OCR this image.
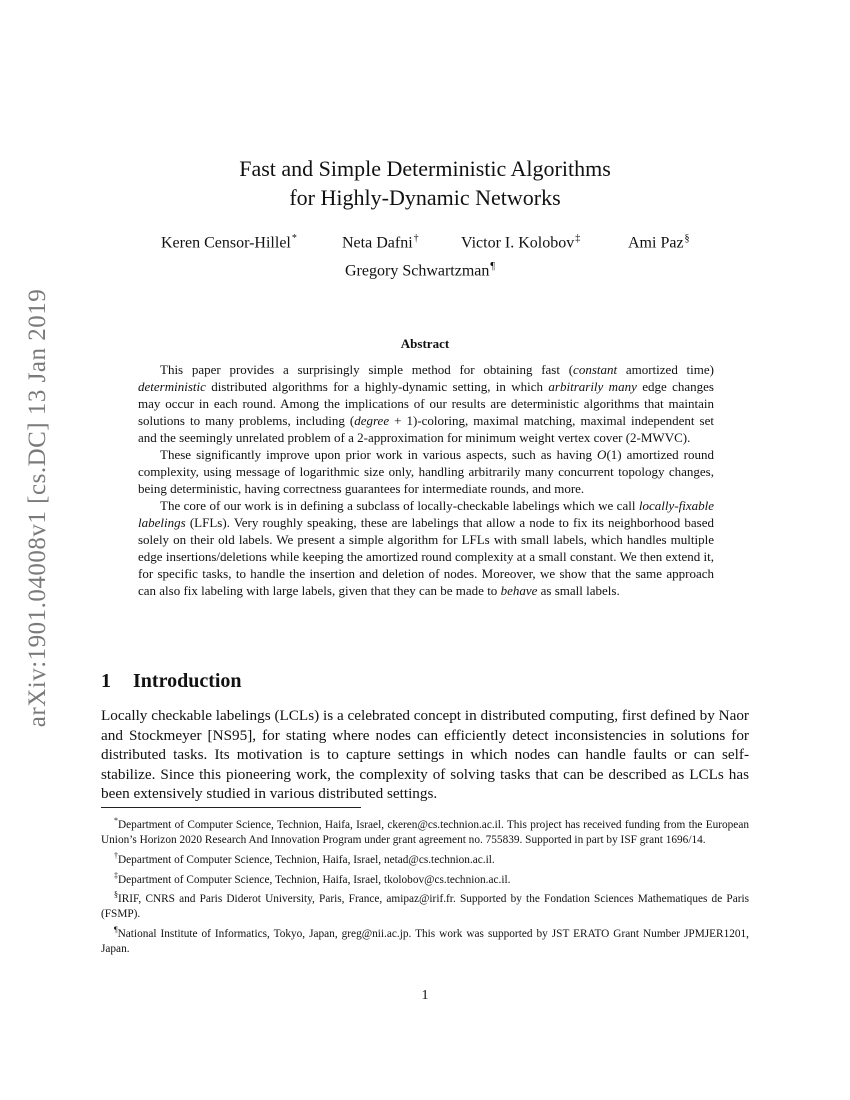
arXiv:1901.04008v1 [cs.DC] 13 Jan 2019
Fast and Simple Deterministic Algorithms
for Highly-Dynamic Networks
Keren Censor-Hillel*	Neta Dafni†	Victor I. Kolobov‡	Ami Paz§
Gregory Schwartzman¶
Abstract

This paper provides a surprisingly simple method for obtaining fast (constant amortized time) deterministic distributed algorithms for a highly-dynamic setting, in which arbitrarily many edge changes may occur in each round. Among the implications of our results are deterministic algorithms that maintain solutions to many problems, including (degree + 1)-coloring, maximal matching, maximal independent set and the seemingly unrelated problem of a 2-approximation for minimum weight vertex cover (2-MWVC).

These significantly improve upon prior work in various aspects, such as having O(1) amortized round complexity, using message of logarithmic size only, handling arbitrarily many concurrent topology changes, being deterministic, having correctness guarantees for intermediate rounds, and more.

The core of our work is in defining a subclass of locally-checkable labelings which we call locally-fixable labelings (LFLs). Very roughly speaking, these are labelings that allow a node to fix its neighborhood based solely on their old labels. We present a simple algorithm for LFLs with small labels, which handles multiple edge insertions/deletions while keeping the amortized round complexity at a small constant. We then extend it, for specific tasks, to handle the insertion and deletion of nodes. Moreover, we show that the same approach can also fix labeling with large labels, given that they can be made to behave as small labels.

1 Introduction

Locally checkable labelings (LCLs) is a celebrated concept in distributed computing, first defined by Naor and Stockmeyer [NS95], for stating where nodes can efficiently detect inconsistencies in solutions for distributed tasks. Its motivation is to capture settings in which nodes can handle faults or can self-stabilize. Since this pioneering work, the complexity of solving tasks that can be described as LCLs has been extensively studied in various distributed settings.

*Department of Computer Science, Technion, Haifa, Israel, ckeren@cs.technion.ac.il. This project has received funding from the European Union’s Horizon 2020 Research And Innovation Program under grant agreement no. 755839. Supported in part by ISF grant 1696/14.

†Department of Computer Science, Technion, Haifa, Israel, netad@cs.technion.ac.il.

‡Department of Computer Science, Technion, Haifa, Israel, tkolobov@cs.technion.ac.il.

§IRIF, CNRS and Paris Diderot University, Paris, France, amipaz@irif.fr. Supported by the Fondation Sciences Mathematiques de Paris (FSMP).

¶National Institute of Informatics, Tokyo, Japan, greg@nii.ac.jp. This work was supported by JST ERATO Grant Number JPMJER1201, Japan.

1
